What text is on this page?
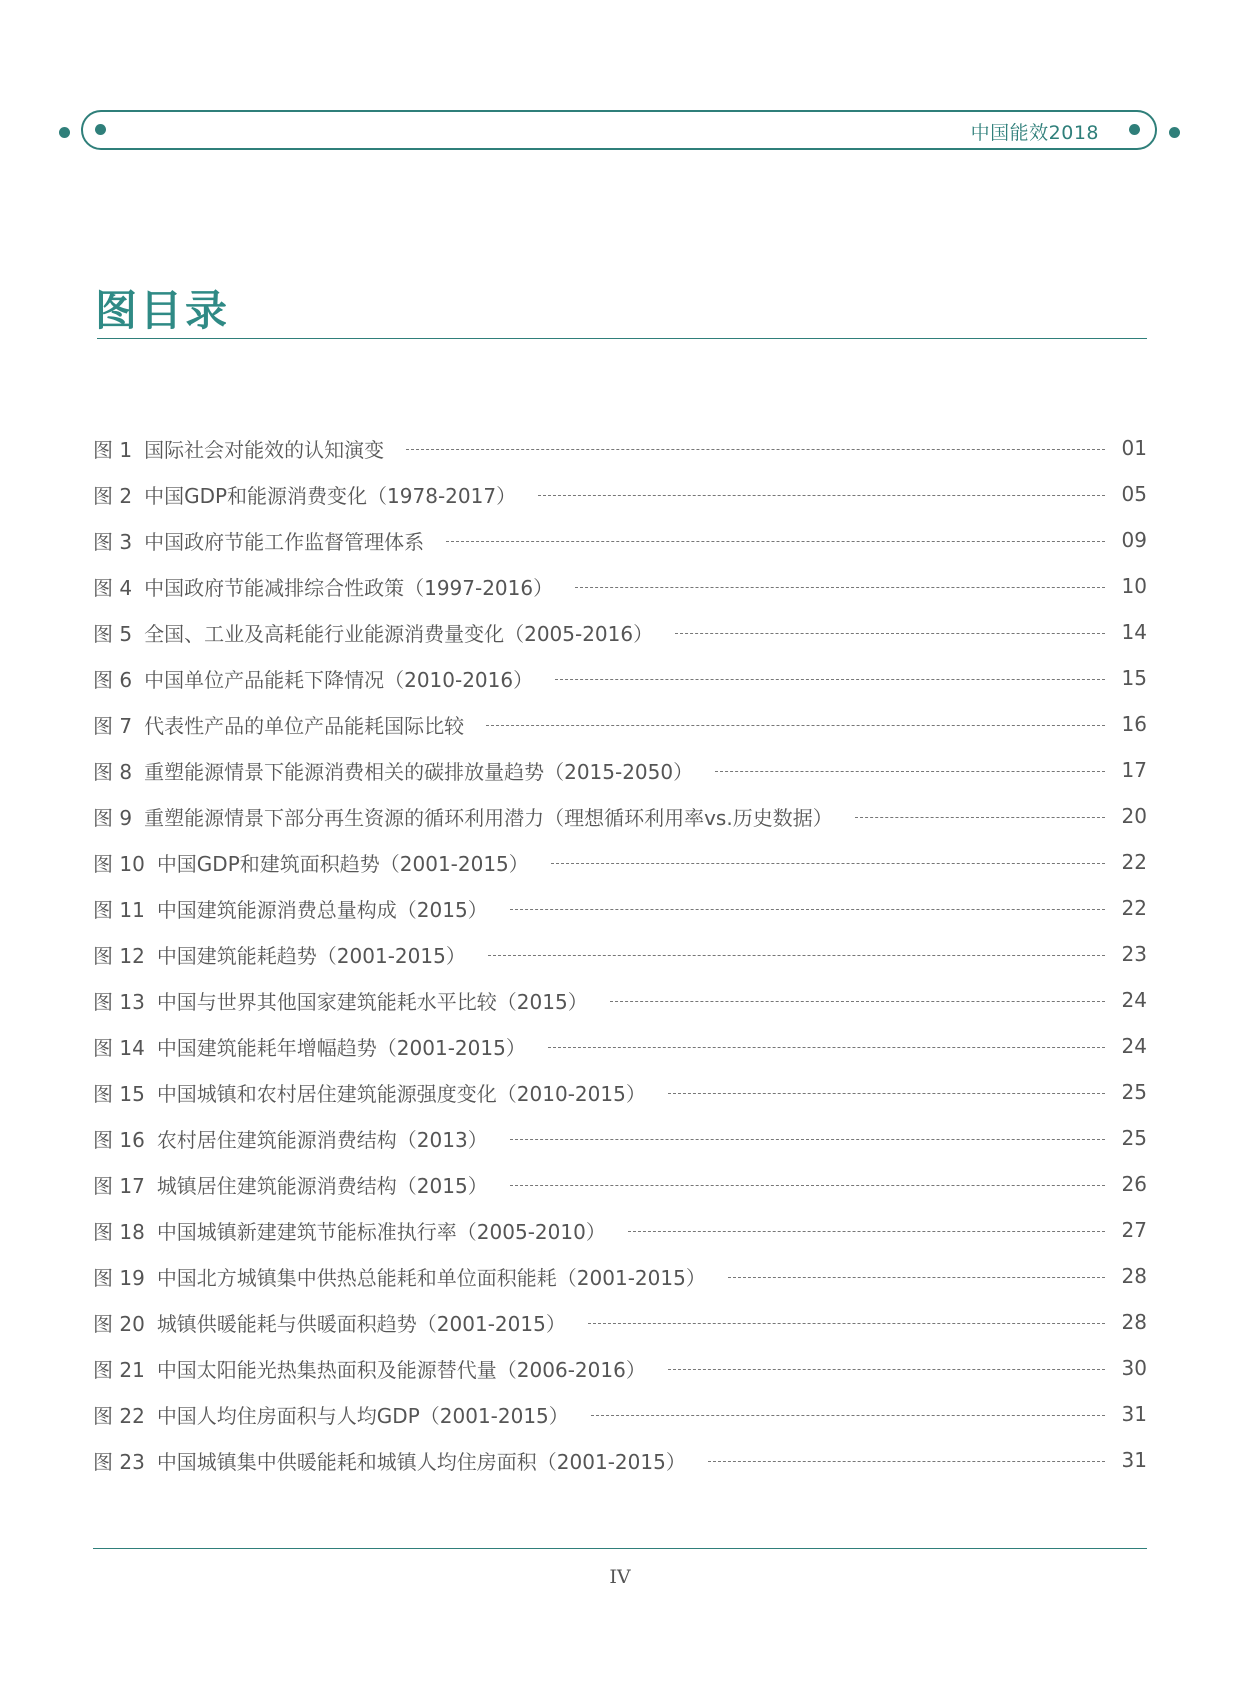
中国能效2018
图目录
图 1 国际社会对能效的认知演变	01
图 2 中国GDP和能源消费变化（1978-2017）	05
图 3 中国政府节能工作监督管理体系	09
图 4 中国政府节能减排综合性政策（1997-2016）	10
图 5 全国、工业及高耗能行业能源消费量变化（2005-2016）	14
图 6 中国单位产品能耗下降情况（2010-2016）	15
图 7 代表性产品的单位产品能耗国际比较	16
图 8 重塑能源情景下能源消费相关的碳排放量趋势（2015-2050）	17
图 9 重塑能源情景下部分再生资源的循环利用潜力（理想循环利用率vs.历史数据）	20
图 10 中国GDP和建筑面积趋势（2001-2015）	22
图 11 中国建筑能源消费总量构成（2015）	22
图 12 中国建筑能耗趋势（2001-2015）	23
图 13 中国与世界其他国家建筑能耗水平比较（2015）	24
图 14 中国建筑能耗年增幅趋势（2001-2015）	24
图 15 中国城镇和农村居住建筑能源强度变化（2010-2015）	25
图 16 农村居住建筑能源消费结构（2013）	25
图 17 城镇居住建筑能源消费结构（2015）	26
图 18 中国城镇新建建筑节能标准执行率（2005-2010）	27
图 19 中国北方城镇集中供热总能耗和单位面积能耗（2001-2015）	28
图 20 城镇供暖能耗与供暖面积趋势（2001-2015）	28
图 21 中国太阳能光热集热面积及能源替代量（2006-2016）	30
图 22 中国人均住房面积与人均GDP（2001-2015）	31
图 23 中国城镇集中供暖能耗和城镇人均住房面积（2001-2015）	31
IV
